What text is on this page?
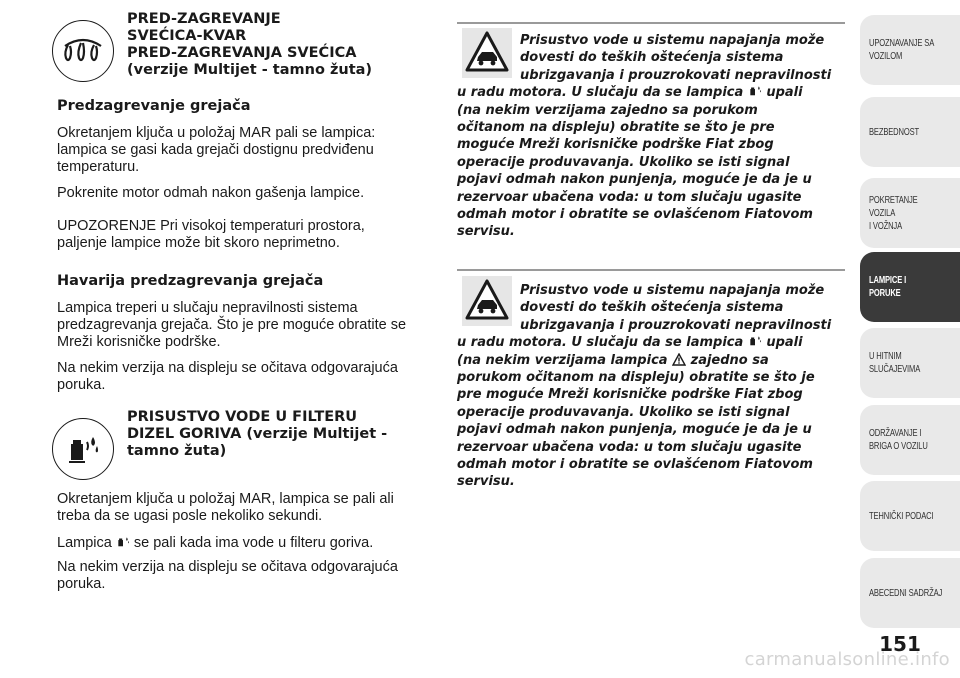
PRED-ZAGREVANJE
SVEĆICA-KVAR
PRED-ZAGREVANJA SVEĆICA
(verzije Multijet - tamno žuta)
Predzagrevanje grejača
Okretanjem ključa u položaj MAR pali se lampica:
lampica se gasi kada grejači dostignu predviđenu
temperaturu.
Pokrenite motor odmah nakon gašenja lampice.
UPOZORENJE Pri visokoj temperaturi prostora,
paljenje lampice može bit skoro neprimetno.
Havarija predzagrevanja grejača
Lampica treperi u slučaju nepravilnosti sistema
predzagrevanja grejača. Što je pre moguće obratite se
Mreži korisničke podrške.
Na nekim verzija na displeju se očitava odgovarajuća
poruka.
PRISUSTVO VODE U FILTERU
DIZEL GORIVA (verzije Multijet -
tamno žuta)
Okretanjem ključa u položaj MAR, lampica se pali ali
treba da se ugasi posle nekoliko sekundi.
Lampica se pali kada ima vode u filteru goriva.
Na nekim verzija na displeju se očitava odgovarajuća
poruka.
Prisustvo vode u sistemu napajanja može
dovesti do teških oštećenja sistema
ubrizgavanja i prouzrokovati nepravilnosti
u radu motora. U slučaju da se lampica upali
(na nekim verzijama zajedno sa porukom
očitanom na displeju) obratite se što je pre
moguće Mreži korisničke podrške Fiat zbog
operacije produvavanja. Ukoliko se isti signal
pojavi odmah nakon punjenja, moguće je da je u
rezervoar ubačena voda: u tom slučaju ugasite
odmah motor i obratite se ovlašćenom Fiatovom
servisu.
Prisustvo vode u sistemu napajanja može
dovesti do teških oštećenja sistema
ubrizgavanja i prouzrokovati nepravilnosti
u radu motora. U slučaju da se lampica upali
(na nekim verzijama lampica zajedno sa
porukom očitanom na displeju) obratite se što je
pre moguće Mreži korisničke podrške Fiat zbog
operacije produvavanja. Ukoliko se isti signal
pojavi odmah nakon punjenja, moguće je da je u
rezervoar ubačena voda: u tom slučaju ugasite
odmah motor i obratite se ovlašćenom Fiatovom
servisu.
UPOZNAVANJE SA
VOZILOM
BEZBEDNOST
POKRETANJE VOZILA
I VOŽNJA
LAMPICE I
PORUKE
U HITNIM
SLUČAJEVIMA
ODRŽAVANJE I
BRIGA O VOZILU
TEHNIČKI PODACI
ABECEDNI SADRŽAJ
151
carmanualsonline.info
